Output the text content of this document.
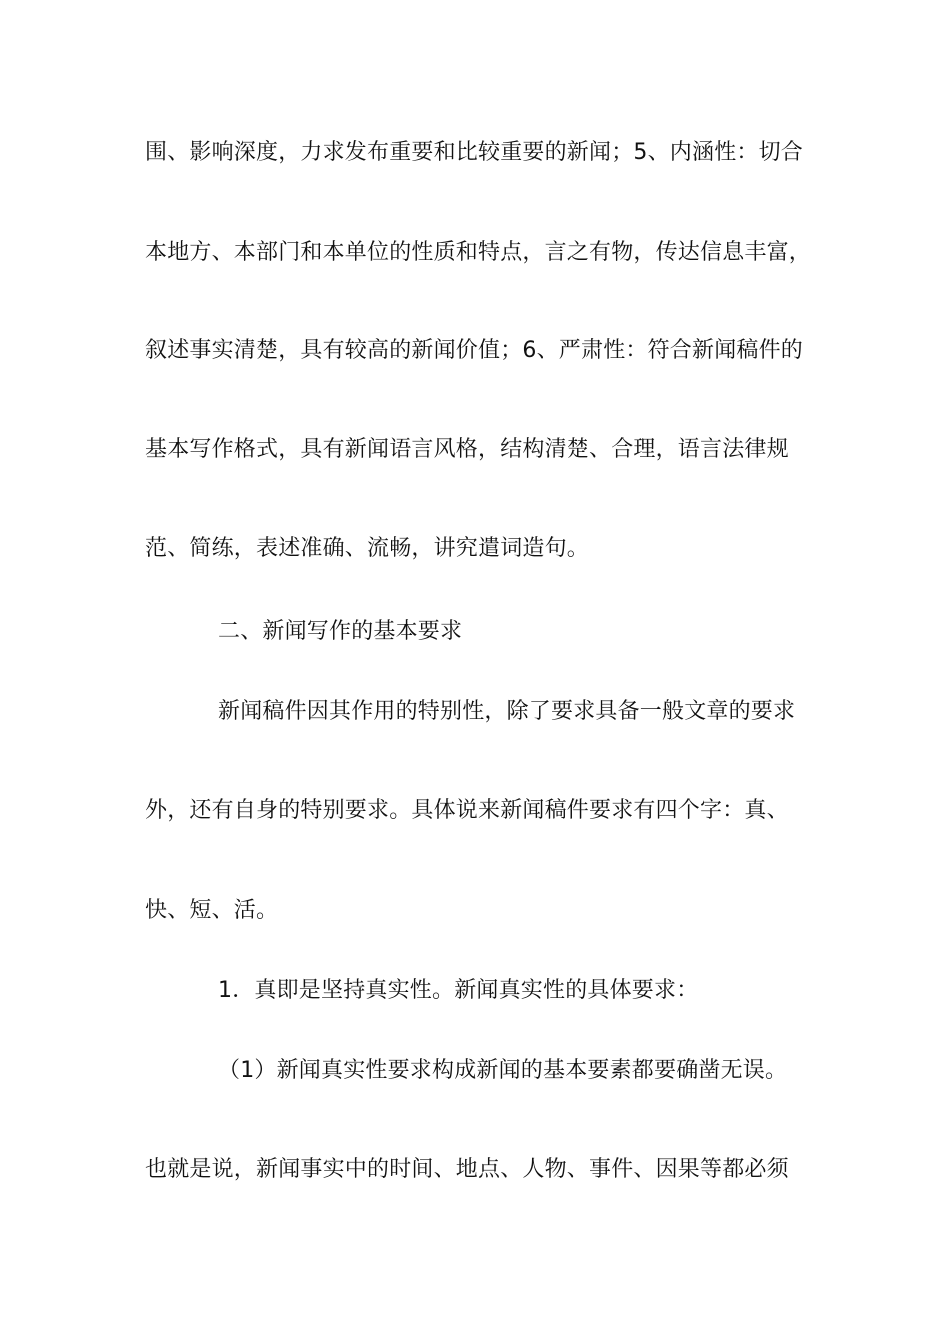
围、影响深度，力求发布重要和比较重要的新闻；5、内涵性：切合
本地方、本部门和本单位的性质和特点，言之有物，传达信息丰富，
叙述事实清楚，具有较高的新闻价值；6、严肃性：符合新闻稿件的
基本写作格式，具有新闻语言风格，结构清楚、合理，语言法律规
范、简练，表述准确、流畅，讲究遣词造句。
二、新闻写作的基本要求
新闻稿件因其作用的特别性，除了要求具备一般文章的要求
外，还有自身的特别要求。具体说来新闻稿件要求有四个字：真、
快、短、活。
1．真即是坚持真实性。新闻真实性的具体要求：
（1）新闻真实性要求构成新闻的基本要素都要确凿无误。
也就是说，新闻事实中的时间、地点、人物、事件、因果等都必须
